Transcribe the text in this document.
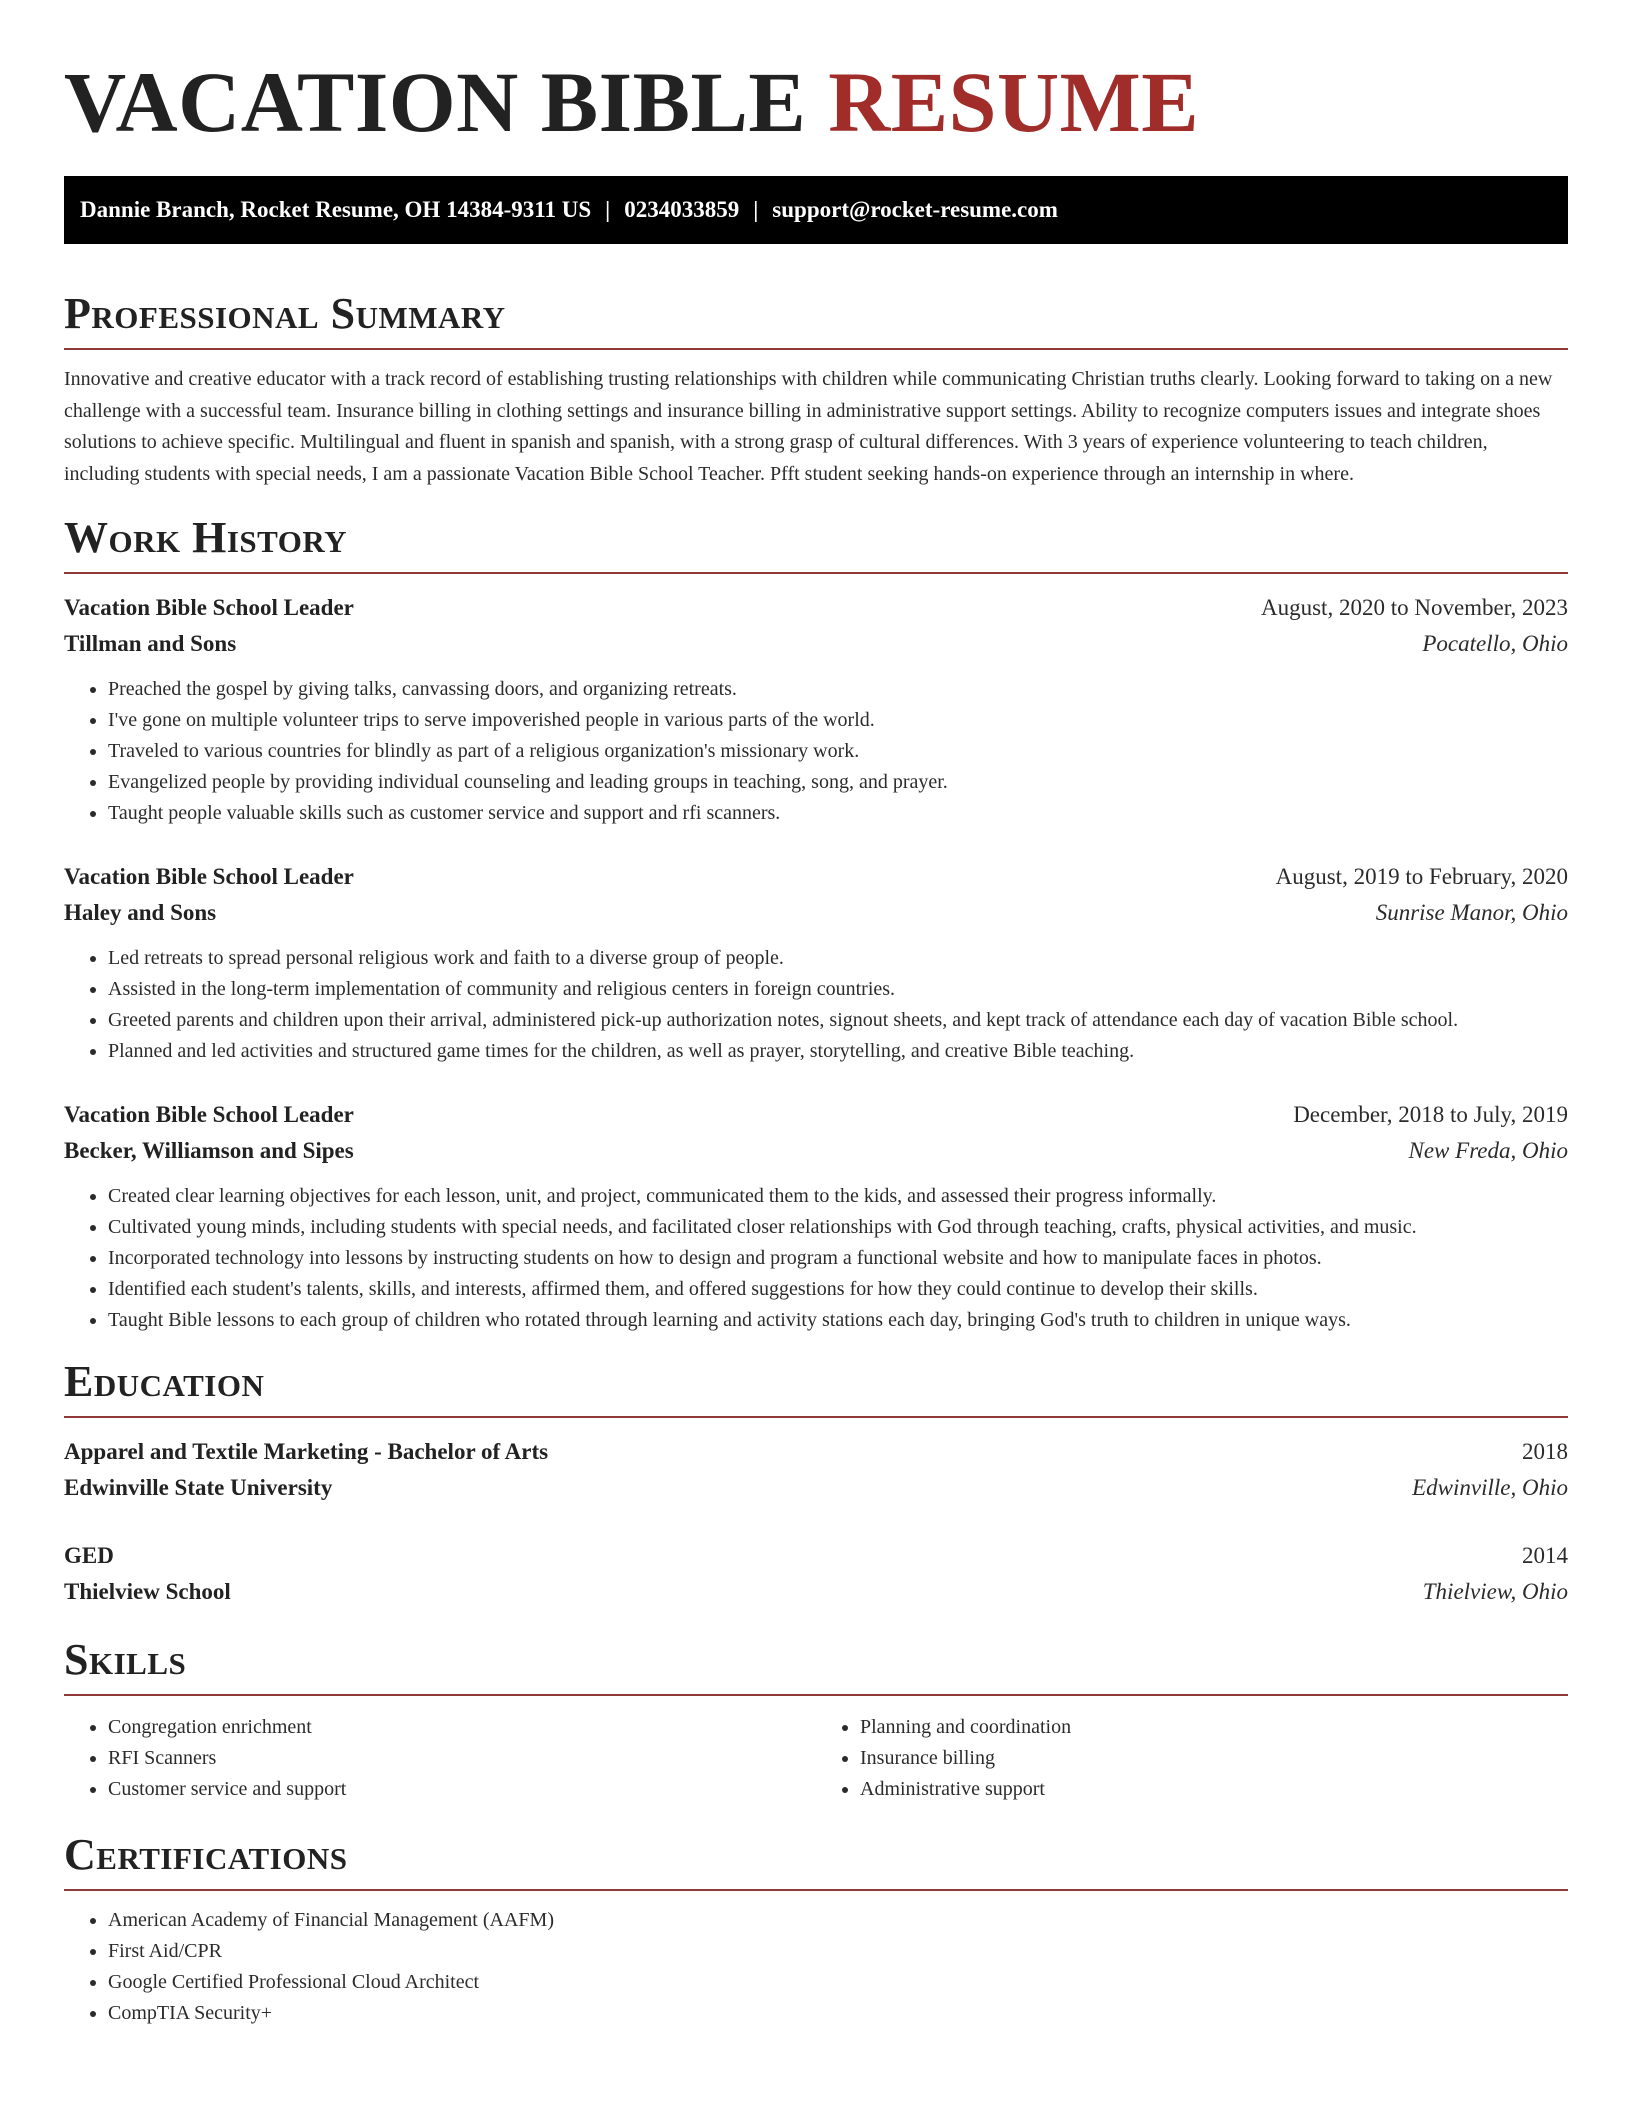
VACATION BIBLE RESUME
Dannie Branch, Rocket Resume, OH 14384-9311 US | 0234033859 | support@rocket-resume.com
Professional Summary

Innovative and creative educator with a track record of establishing trusting relationships with children while communicating Christian truths clearly. Looking forward to taking on a new challenge with a successful team. Insurance billing in clothing settings and insurance billing in administrative support settings. Ability to recognize computers issues and integrate shoes solutions to achieve specific. Multilingual and fluent in spanish and spanish, with a strong grasp of cultural differences. With 3 years of experience volunteering to teach children, including students with special needs, I am a passionate Vacation Bible School Teacher. Pfft student seeking hands-on experience through an internship in where.

Work History
Vacation Bible School Leader	August, 2020 to November, 2023
Tillman and Sons	Pocatello, Ohio
• Preached the gospel by giving talks, canvassing doors, and organizing retreats.
• I've gone on multiple volunteer trips to serve impoverished people in various parts of the world.
• Traveled to various countries for blindly as part of a religious organization's missionary work.
• Evangelized people by providing individual counseling and leading groups in teaching, song, and prayer.
• Taught people valuable skills such as customer service and support and rfi scanners.
Vacation Bible School Leader	August, 2019 to February, 2020
Haley and Sons	Sunrise Manor, Ohio
• Led retreats to spread personal religious work and faith to a diverse group of people.
• Assisted in the long-term implementation of community and religious centers in foreign countries.
• Greeted parents and children upon their arrival, administered pick-up authorization notes, signout sheets, and kept track of attendance each day of vacation Bible school.
• Planned and led activities and structured game times for the children, as well as prayer, storytelling, and creative Bible teaching.
Vacation Bible School Leader	December, 2018 to July, 2019
Becker, Williamson and Sipes	New Freda, Ohio
• Created clear learning objectives for each lesson, unit, and project, communicated them to the kids, and assessed their progress informally.
• Cultivated young minds, including students with special needs, and facilitated closer relationships with God through teaching, crafts, physical activities, and music.
• Incorporated technology into lessons by instructing students on how to design and program a functional website and how to manipulate faces in photos.
• Identified each student's talents, skills, and interests, affirmed them, and offered suggestions for how they could continue to develop their skills.
• Taught Bible lessons to each group of children who rotated through learning and activity stations each day, bringing God's truth to children in unique ways.
Education
Apparel and Textile Marketing - Bachelor of Arts	2018
Edwinville State University	Edwinville, Ohio
GED	2014
Thielview School	Thielview, Ohio
Skills
• Congregation enrichment
• RFI Scanners
• Customer service and support
• Planning and coordination
• Insurance billing
• Administrative support
Certifications
• American Academy of Financial Management (AAFM)
• First Aid/CPR
• Google Certified Professional Cloud Architect
• CompTIA Security+
